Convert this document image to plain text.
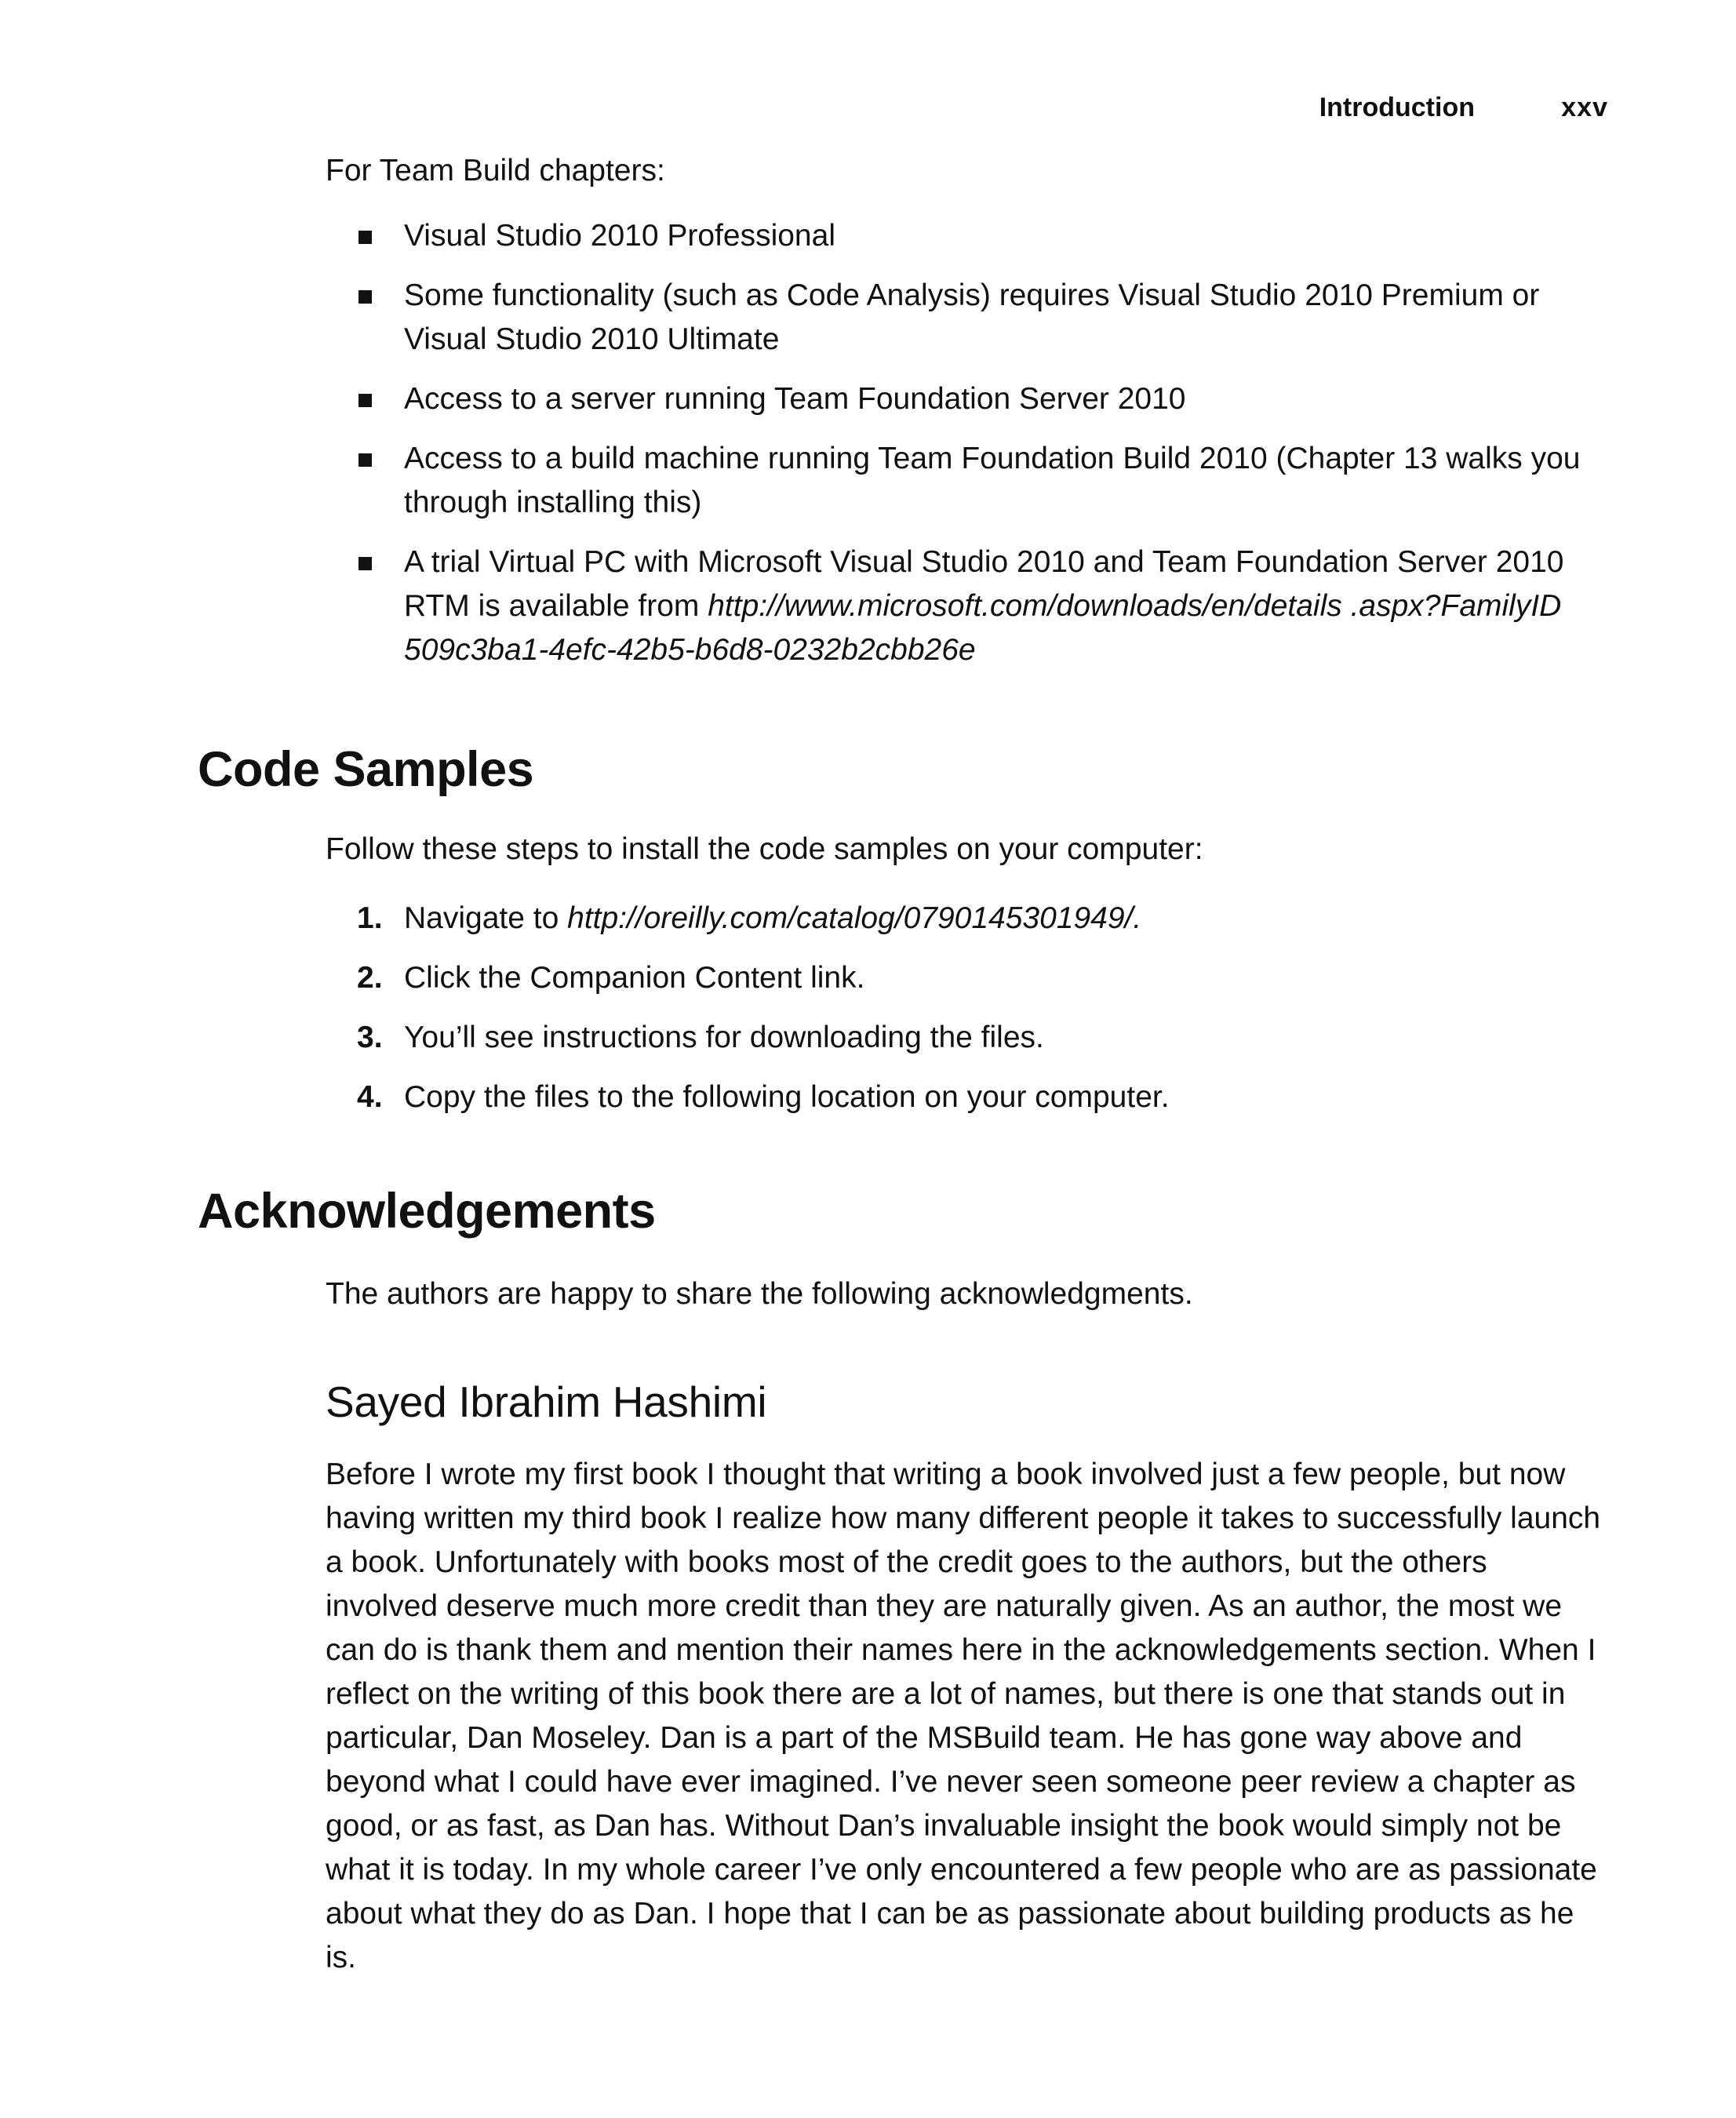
Introduction	xxv
For Team Build chapters:
Visual Studio 2010 Professional
Some functionality (such as Code Analysis) requires Visual Studio 2010 Premium or Visual Studio 2010 Ultimate
Access to a server running Team Foundation Server 2010
Access to a build machine running Team Foundation Build 2010 (Chapter 13 walks you through installing this)
A trial Virtual PC with Microsoft Visual Studio 2010 and Team Foundation Server 2010 RTM is available from http://www.microsoft.com/downloads/en/details .aspx?FamilyID 509c3ba1-4efc-42b5-b6d8-0232b2cbb26e
Code Samples
Follow these steps to install the code samples on your computer:
1. Navigate to http://oreilly.com/catalog/0790145301949/.
2. Click the Companion Content link.
3. You’ll see instructions for downloading the files.
4. Copy the files to the following location on your computer.
Acknowledgements
The authors are happy to share the following acknowledgments.
Sayed Ibrahim Hashimi

Before I wrote my first book I thought that writing a book involved just a few people, but now having written my third book I realize how many different people it takes to successfully launch a book. Unfortunately with books most of the credit goes to the authors, but the others involved deserve much more credit than they are naturally given. As an author, the most we can do is thank them and mention their names here in the acknowledgements section. When I reflect on the writing of this book there are a lot of names, but there is one that stands out in particular, Dan Moseley. Dan is a part of the MSBuild team. He has gone way above and beyond what I could have ever imagined. I’ve never seen someone peer review a chapter as good, or as fast, as Dan has. Without Dan’s invaluable insight the book would simply not be what it is today. In my whole career I’ve only encountered a few people who are as passionate about what they do as Dan. I hope that I can be as passionate about building products as he is.
